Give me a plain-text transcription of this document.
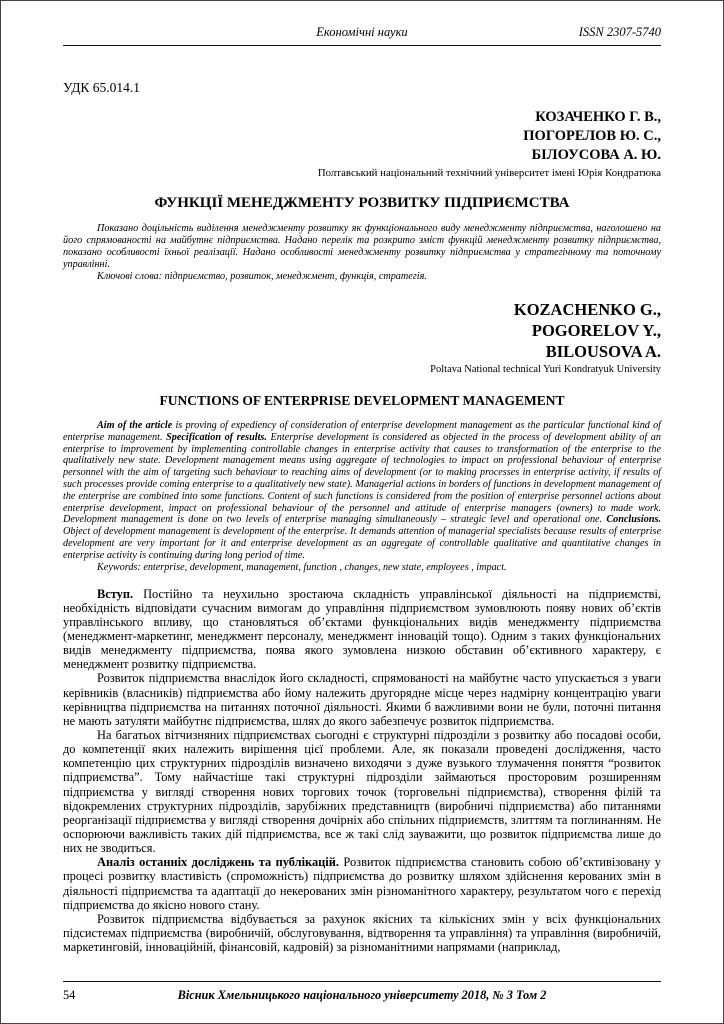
Економічні науки	ISSN 2307-5740
УДК 65.014.1
КОЗАЧЕНКО Г. В.,
ПОГОРЕЛОВ Ю. С.,
БІЛОУСОВА А. Ю.
Полтавський національний технічний університет імені Юрія Кондратюка
ФУНКЦІЇ МЕНЕДЖМЕНТУ РОЗВИТКУ ПІДПРИЄМСТВА

Показано доцільність виділення менеджменту розвитку як функціонального виду менеджменту підприємства, наголошено на його спрямованості на майбутнє підприємства. Надано перелік та розкрито зміст функцій менеджменту розвитку підприємства, показано особливості їхньої реалізації. Надано особливості менеджменту розвитку підприємства у стратегічному та поточному управлінні.

Ключові слова: підприємство, розвиток, менеджмент, функція, стратегія.

KOZACHENKO G.,
POGORELOV Y.,
BILOUSOVA A.
Poltava National technical Yuri Kondratyuk University
FUNCTIONS OF ENTERPRISE DEVELOPMENT MANAGEMENT

Aim of the article is proving of expediency of consideration of enterprise development management as the particular functional kind of enterprise management. Specification of results. Enterprise development is considered as objected in the process of development ability of an enterprise to improvement by implementing controllable changes in enterprise activity that causes to transformation of the enterprise to the qualitatively new state. Development management means using aggregate of technologies to impact on professional behaviour of enterprise personnel with the aim of targeting such behaviour to reaching aims of development (or to making processes in enterprise activity, if results of such processes provide coming enterprise to a qualitatively new state). Managerial actions in borders of functions in development management of the enterprise are combined into some functions. Content of such functions is considered from the position of enterprise personnel actions about enterprise development, impact on professional behaviour of the personnel and attitude of enterprise managers (owners) to made work. Development management is done on two levels of enterprise managing simultaneously – strategic level and operational one. Conclusions. Object of development management is development of the enterprise. It demands attention of managerial specialists because results of enterprise development are very important for it and enterprise development as an aggregate of controllable qualitative and quantitative changes in enterprise activity is continuing during long period of time.

Keywords: enterprise, development, management, function , changes, new state, employees , impact.

Вступ. Постійно та неухильно зростаюча складність управлінської діяльності на підприємстві, необхідність відповідати сучасним вимогам до управління підприємством зумовлюють появу нових об’єктів управлінського впливу, що становляться об’єктами функціональних видів менеджменту підприємства (менеджмент-маркетинг, менеджмент персоналу, менеджмент інновацій тощо). Одним з таких функціональних видів менеджменту підприємства, поява якого зумовлена низкою обставин об’єктивного характеру, є менеджмент розвитку підприємства.

Розвиток підприємства внаслідок його складності, спрямованості на майбутнє часто упускається з уваги керівників (власників) підприємства або йому належить другорядне місце через надмірну концентрацію уваги керівництва підприємства на питаннях поточної діяльності. Якими б важливими вони не були, поточні питання не мають затуляти майбутнє підприємства, шлях до якого забезпечує розвиток підприємства.

На багатьох вітчизняних підприємствах сьогодні є структурні підрозділи з розвитку або посадові особи, до компетенції яких належить вирішення цієї проблеми. Але, як показали проведені дослідження, часто компетенцію цих структурних підрозділів визначено виходячи з дуже вузького тлумачення поняття “розвиток підприємства”. Тому найчастіше такі структурні підрозділи займаються просторовим розширенням підприємства у вигляді створення нових торгових точок (торговельні підприємства), створення філій та відокремлених структурних підрозділів, зарубіжних представництв (виробничі підприємства) або питаннями реорганізації підприємства у вигляді створення дочірніх або спільних підприємств, злиттям та поглинанням. Не оспорюючи важливість таких дій підприємства, все ж такі слід зауважити, що розвиток підприємства лише до них не зводиться.

Аналіз останніх досліджень та публікацій. Розвиток підприємства становить собою об’єктивізовану у процесі розвитку властивість (спроможність) підприємства до розвитку шляхом здійснення керованих змін в діяльності підприємства та адаптації до некерованих змін різноманітного характеру, результатом чого є перехід підприємства до якісно нового стану.

Розвиток підприємства відбувається за рахунок якісних та кількісних змін у всіх функціональних підсистемах підприємства (виробничій, обслуговування, відтворення та управління) та управління (виробничій, маркетинговій, інноваційній, фінансовій, кадровій) за різноманітними напрямами (наприклад,

54	Вісник Хмельницького національного університету 2018, № 3 Том 2
